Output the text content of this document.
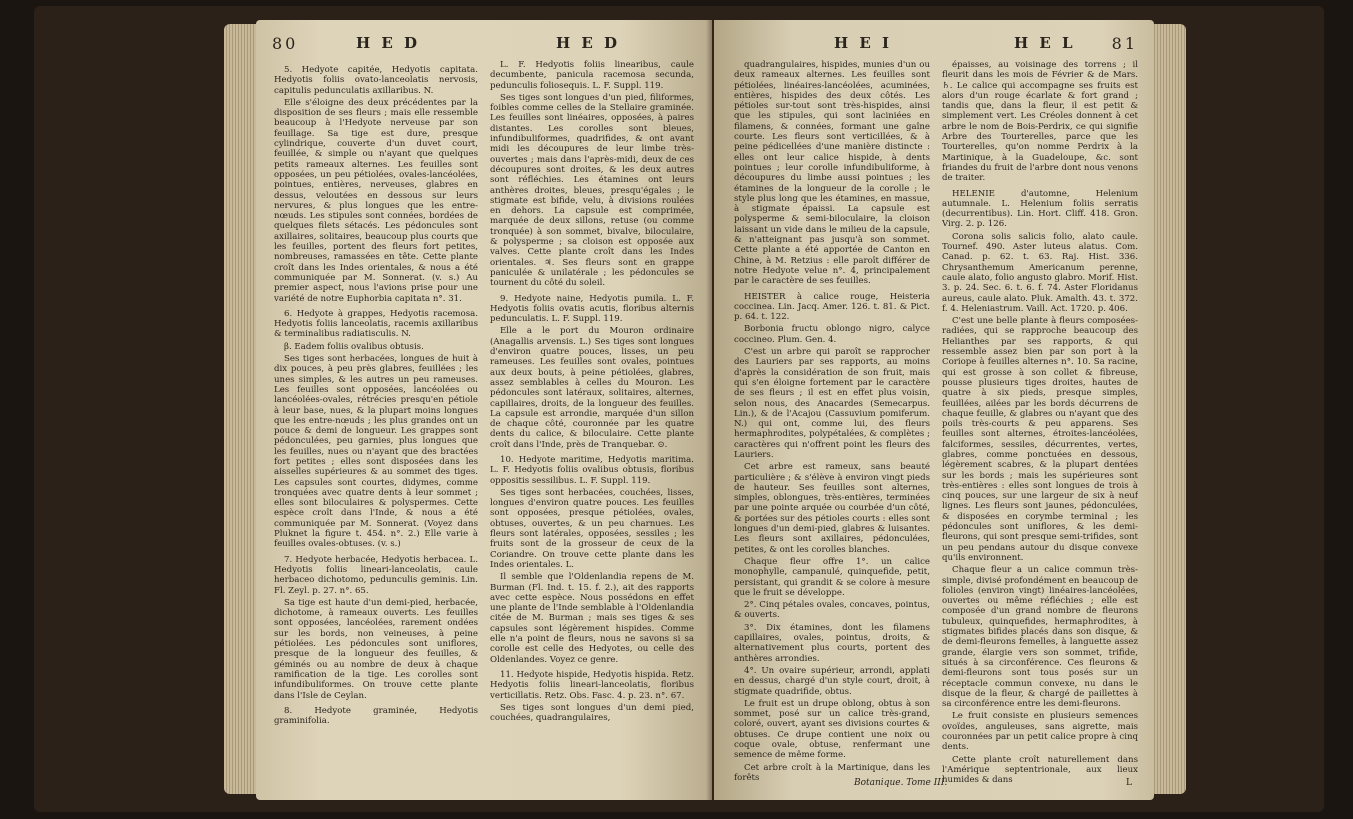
80	H E D	H E D

5. Hedyote capitée, Hedyotis capitata. Hedyotis foliis ovato-lanceolatis nervosis, capitulis pedunculatis axillaribus. N.

Elle s'éloigne des deux précédentes par la disposition de ses fleurs ; mais elle ressemble beaucoup à l'Hedyote nerveuse par son feuillage. Sa tige est dure, presque cylindrique, couverte d'un duvet court, feuillée, & simple ou n'ayant que quelques petits rameaux alternes. Les feuilles sont opposées, un peu pétiolées, ovales-lancéolées, pointues, entières, nerveuses, glabres en dessus, veloutées en dessous sur leurs nervures, & plus longues que les entre-nœuds. Les stipules sont connées, bordées de quelques filets sétacés. Les pédoncules sont axillaires, solitaires, beaucoup plus courts que les feuilles, portent des fleurs fort petites, nombreuses, ramassées en tête. Cette plante croît dans les Indes orientales, & nous a été communiquée par M. Sonnerat. (v. s.) Au premier aspect, nous l'avions prise pour une variété de notre Euphorbia capitata n°. 31.

6. Hedyote à grappes, Hedyotis racemosa. Hedyotis foliis lanceolatis, racemis axillaribus & terminalibus radiatisculis. N.

β. Eadem foliis ovalibus obtusis.

Ses tiges sont herbacées, longues de huit à dix pouces, à peu près glabres, feuillées ; les unes simples, & les autres un peu rameuses. Les feuilles sont opposées, lancéolées ou lancéolées-ovales, rétrécies presqu'en pétiole à leur base, nues, & la plupart moins longues que les entre-nœuds ; les plus grandes ont un pouce & demi de longueur. Les grappes sont pédonculées, peu garnies, plus longues que les feuilles, nues ou n'ayant que des bractées fort petites ; elles sont disposées dans les aisselles supérieures & au sommet des tiges. Les capsules sont courtes, didymes, comme tronquées avec quatre dents à leur sommet ; elles sont biloculaires & polyspermes. Cette espèce croît dans l'Inde, & nous a été communiquée par M. Sonnerat. (Voyez dans Pluknet la figure t. 454. n°. 2.) Elle varie à feuilles ovales-obtuses. (v. s.)

7. Hedyote herbacée, Hedyotis herbacea. L. Hedyotis foliis lineari-lanceolatis, caule herbaceo dichotomo, pedunculis geminis. Lin. Fl. Zeyl. p. 27. n°. 65.

Sa tige est haute d'un demi-pied, herbacée, dichotome, à rameaux ouverts. Les feuilles sont opposées, lancéolées, rarement ondées sur les bords, non veineuses, à peine pétiolées. Les pédoncules sont uniflores, presque de la longueur des feuilles, & géminés ou au nombre de deux à chaque ramification de la tige. Les corolles sont infundibuliformes. On trouve cette plante dans l'Isle de Ceylan.

8. Hedyote graminée, Hedyotis graminifolia.

L. F. Hedyotis foliis linearibus, caule decumbente, panicula racemosa secunda, pedunculis foliosequis. L. F. Suppl. 119.

Ses tiges sont longues d'un pied, filiformes, foibles comme celles de la Stellaire graminée. Les feuilles sont linéaires, opposées, à paires distantes. Les corolles sont bleues, infundibuliformes, quadrifides, & ont avant midi les découpures de leur limbe très-ouvertes ; mais dans l'après-midi, deux de ces découpures sont droites, & les deux autres sont réfléchies. Les étamines ont leurs anthères droites, bleues, presqu'égales ; le stigmate est bifide, velu, à divisions roulées en dehors. La capsule est comprimée, marquée de deux sillons, retuse (ou comme tronquée) à son sommet, bivalve, biloculaire, & polysperme ; sa cloison est opposée aux valves. Cette plante croît dans les Indes orientales. ♃. Ses fleurs sont en grappe paniculée & unilatérale ; les pédoncules se tournent du côté du soleil.

9. Hedyote naine, Hedyotis pumila. L. F. Hedyotis foliis ovatis acutis, floribus alternis pedunculatis. L. F. Suppl. 119.

Elle a le port du Mouron ordinaire (Anagallis arvensis. L.) Ses tiges sont longues d'environ quatre pouces, lisses, un peu rameuses. Les feuilles sont ovales, pointues aux deux bouts, à peine pétiolées, glabres, assez semblables à celles du Mouron. Les pédoncules sont latéraux, solitaires, alternes, capillaires, droits, de la longueur des feuilles. La capsule est arrondie, marquée d'un sillon de chaque côté, couronnée par les quatre dents du calice, & biloculaire. Cette plante croît dans l'Inde, près de Tranquebar. ⊙.

10. Hedyote maritime, Hedyotis maritima. L. F. Hedyotis foliis ovalibus obtusis, floribus oppositis sessilibus. L. F. Suppl. 119.

Ses tiges sont herbacées, couchées, lisses, longues d'environ quatre pouces. Les feuilles sont opposées, presque pétiolées, ovales, obtuses, ouvertes, & un peu charnues. Les fleurs sont latérales, opposées, sessiles ; les fruits sont de la grosseur de ceux de la Coriandre. On trouve cette plante dans les Indes orientales. L.

Il semble que l'Oldenlandia repens de M. Burman (Fl. Ind. t. 15. f. 2.), ait des rapports avec cette espèce. Nous possédons en effet une plante de l'Inde semblable à l'Oldenlandia citée de M. Burman ; mais ses tiges & ses capsules sont légèrement hispides. Comme elle n'a point de fleurs, nous ne savons si sa corolle est celle des Hedyotes, ou celle des Oldenlandes. Voyez ce genre.

11. Hedyote hispide, Hedyotis hispida. Retz. Hedyotis foliis lineari-lanceolatis, floribus verticillatis. Retz. Obs. Fasc. 4. p. 23. n°. 67.

Ses tiges sont longues d'un demi pied, couchées, quadrangulaires,

H E I	H E L 81

quadrangulaires, hispides, munies d'un ou deux rameaux alternes. Les feuilles sont pétiolées, linéaires-lancéolées, acuminées, entières, hispides des deux côtés. Les pétioles sur-tout sont très-hispides, ainsi que les stipules, qui sont laciniées en filamens, & connées, formant une gaîne courte. Les fleurs sont verticillées, & à peine pédicellées d'une manière distincte : elles ont leur calice hispide, à dents pointues ; leur corolle infundibuliforme, à découpures du limbe aussi pointues ; les étamines de la longueur de la corolle ; le style plus long que les étamines, en massue, à stigmate épaissi. La capsule est polysperme & semi-biloculaire, la cloison laissant un vide dans le milieu de la capsule, & n'atteignant pas jusqu'à son sommet. Cette plante a été apportée de Canton en Chine, à M. Retzius : elle paroît différer de notre Hedyote velue n°. 4, principalement par le caractère de ses feuilles.

HEISTER à calice rouge, Heisteria coccinea. Lin. Jacq. Amer. 126. t. 81. & Pict. p. 64. t. 122.

Borbonia fructu oblongo nigro, calyce coccineo. Plum. Gen. 4.

C'est un arbre qui paroît se rapprocher des Lauriers par ses rapports, au moins d'après la considération de son fruit, mais qui s'en éloigne fortement par le caractère de ses fleurs ; il est en effet plus voisin, selon nous, des Anacardes (Semecarpus. Lin.), & de l'Acajou (Cassuvium pomiferum. N.) qui ont, comme lui, des fleurs hermaphrodites, polypétalées, & complètes ; caractères qui n'offrent point les fleurs des Lauriers.

Cet arbre est rameux, sans beauté particulière ; & s'élève à environ vingt pieds de hauteur. Ses feuilles sont alternes, simples, oblongues, très-entières, terminées par une pointe arquée ou courbée d'un côté, & portées sur des pétioles courts : elles sont longues d'un demi-pied, glabres & luisantes. Les fleurs sont axillaires, pédonculées, petites, & ont les corolles blanches.

Chaque fleur offre 1°. un calice monophylle, campanulé, quinquefide, petit, persistant, qui grandit & se colore à mesure que le fruit se développe.

2°. Cinq pétales ovales, concaves, pointus, & ouverts.

3°. Dix étamines, dont les filamens capillaires, ovales, pointus, droits, & alternativement plus courts, portent des anthères arrondies.

4°. Un ovaire supérieur, arrondi, applati en dessus, chargé d'un style court, droit, à stigmate quadrifide, obtus.

Le fruit est un drupe oblong, obtus à son sommet, posé sur un calice très-grand, coloré, ouvert, ayant ses divisions courtes & obtuses. Ce drupe contient une noix ou coque ovale, obtuse, renfermant une semence de même forme.

Cet arbre croît à la Martinique, dans les forêts

épaisses, au voisinage des torrens ; il fleurit dans les mois de Février & de Mars. ♄. Le calice qui accompagne ses fruits est alors d'un rouge écarlate & fort grand ; tandis que, dans la fleur, il est petit & simplement vert. Les Créoles donnent à cet arbre le nom de Bois-Perdrix, ce qui signifie Arbre des Tourterelles, parce que les Tourterelles, qu'on nomme Perdrix à la Martinique, à la Guadeloupe, &c. sont friandes du fruit de l'arbre dont nous venons de traiter.

HELENIE d'automne, Helenium autumnale. L. Helenium foliis serratis (decurrentibus). Lin. Hort. Cliff. 418. Gron. Virg. 2. p. 126.

Corona solis salicis folio, alato caule. Tournef. 490. Aster luteus alatus. Com. Canad. p. 62. t. 63. Raj. Hist. 336. Chrysanthemum Americanum perenne, caule alato, folio angusto glabro. Morif. Hist. 3. p. 24. Sec. 6. t. 6. f. 74. Aster Floridanus aureus, caule alato. Pluk. Amalth. 43. t. 372. f. 4. Heleniastrum. Vaill. Act. 1720. p. 406.

C'est une belle plante à fleurs composées-radiées, qui se rapproche beaucoup des Helianthes par ses rapports, & qui ressemble assez bien par son port à la Coriope à feuilles alternes n°. 10. Sa racine, qui est grosse à son collet & fibreuse, pousse plusieurs tiges droites, hautes de quatre à six pieds, presque simples, feuillées, ailées par les bords décurrens de chaque feuille, & glabres ou n'ayant que des poils très-courts & peu apparens. Ses feuilles sont alternes, étroites-lancéolées, falciformes, sessiles, décurrentes, vertes, glabres, comme ponctuées en dessous, légèrement scabres, & la plupart dentées sur les bords ; mais les supérieures sont très-entières : elles sont longues de trois à cinq pouces, sur une largeur de six à neuf lignes. Les fleurs sont jaunes, pédonculées, & disposées en corymbe terminal ; les pédoncules sont uniflores, & les demi-fleurons, qui sont presque semi-trifides, sont un peu pendans autour du disque convexe qu'ils environnent.

Chaque fleur a un calice commun très-simple, divisé profondément en beaucoup de folioles (environ vingt) linéaires-lancéolées, ouvertes ou même réfléchies ; elle est composée d'un grand nombre de fleurons tubuleux, quinquefides, hermaphrodites, à stigmates bifides placés dans son disque, & de demi-fleurons femelles, à languette assez grande, élargie vers son sommet, trifide, situés à sa circonférence. Ces fleurons & demi-fleurons sont tous posés sur un réceptacle commun convexe, nu dans le disque de la fleur, & chargé de paillettes à sa circonférence entre les demi-fleurons.

Le fruit consiste en plusieurs semences ovoïdes, anguleuses, sans aigrette, mais couronnées par un petit calice propre à cinq dents.

Cette plante croît naturellement dans l'Amérique septentrionale, aux lieux humides & dans

Botanique. Tome III.	L
